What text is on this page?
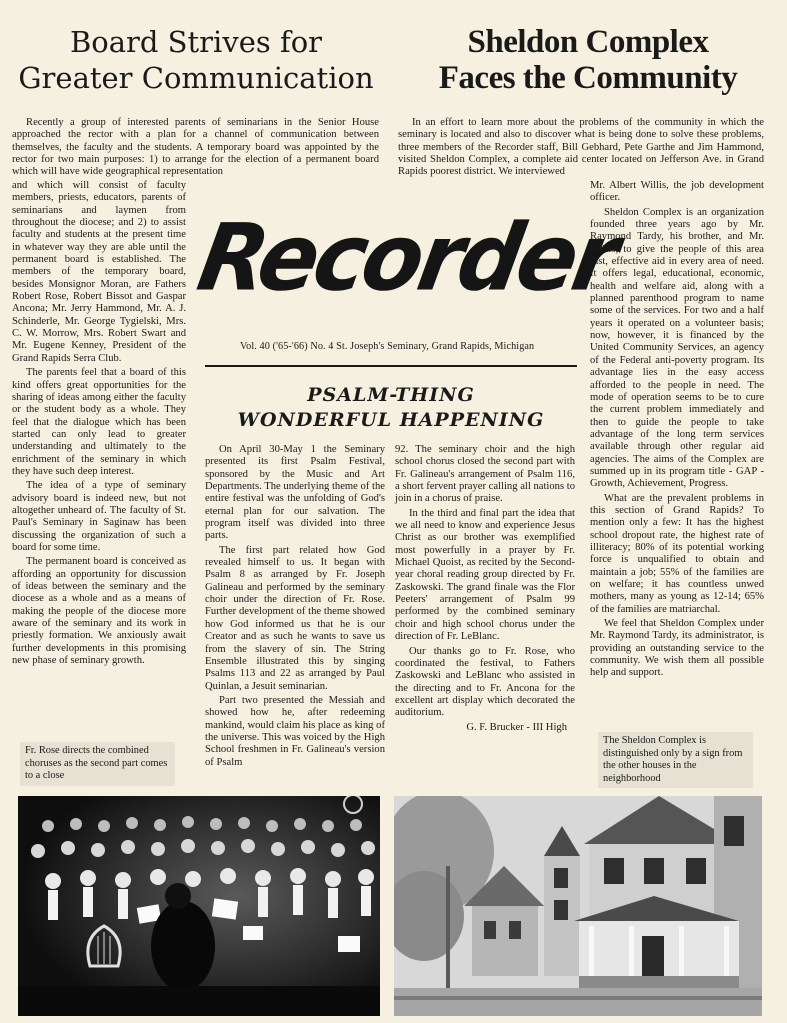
Board Strives for
Greater Communication
Sheldon Complex
Faces the Community

Recently a group of interested parents of seminarians in the Senior House approached the rector with a plan for a channel of communication between themselves, the faculty and the students. A temporary board was appointed by the rector for two main purposes: 1) to arrange for the election of a permanent board which will have wide geographical representation

In an effort to learn more about the problems of the community in which the seminary is located and also to discover what is being done to solve these problems, three members of the Recorder staff, Bill Gebhard, Pete Garthe and Jim Hammond, visited Sheldon Complex, a complete aid center located on Jefferson Ave. in Grand Rapids poorest district. We interviewed

and which will consist of faculty members, priests, educators, parents of seminarians and laymen from throughout the diocese; and 2) to assist faculty and students at the present time in whatever way they are able until the permanent board is established. The members of the temporary board, besides Monsignor Moran, are Fathers Robert Rose, Robert Bissot and Gaspar Ancona; Mr. Jerry Hammond, Mr. A. J. Schinderle, Mr. George Tygielski, Mrs. C. W. Morrow, Mrs. Robert Swart and Mr. Eugene Kenney, President of the Grand Rapids Serra Club.

The parents feel that a board of this kind offers great opportunities for the sharing of ideas among either the faculty or the student body as a whole. They feel that the dialogue which has been started can only lead to greater understanding and ultimately to the enrichment of the seminary in which they have such deep interest.

The idea of a type of seminary advisory board is indeed new, but not altogether unheard of. The faculty of St. Paul's Seminary in Saginaw has been discussing the organization of such a board for some time.

The permanent board is conceived as affording an opportunity for discussion of ideas between the seminary and the diocese as a whole and as a means of making the people of the diocese more aware of the seminary and its work in priestly formation. We anxiously await further developments in this promising new phase of seminary growth.

Fr. Rose directs the combined choruses as the second part comes to a close
Recorder
Vol. 40 ('65-'66) No. 4 St. Joseph's Seminary, Grand Rapids, Michigan
PSALM-THING
WONDERFUL HAPPENING

On April 30-May 1 the Seminary presented its first Psalm Festival, sponsored by the Music and Art Departments. The underlying theme of the entire festival was the unfolding of God's eternal plan for our salvation. The program itself was divided into three parts.

The first part related how God revealed himself to us. It began with Psalm 8 as arranged by Fr. Joseph Galineau and performed by the seminary choir under the direction of Fr. Rose. Further development of the theme showed how God informed us that he is our Creator and as such he wants to save us from the slavery of sin. The String Ensemble illustrated this by singing Psalms 113 and 22 as arranged by Paul Quinlan, a Jesuit seminarian.

Part two presented the Messiah and showed how he, after redeeming mankind, would claim his place as king of the universe. This was voiced by the High School freshmen in Fr. Galineau's version of Psalm

92. The seminary choir and the high school chorus closed the second part with Fr. Galineau's arrangement of Psalm 116, a short fervent prayer calling all nations to join in a chorus of praise.

In the third and final part the idea that we all need to know and experience Jesus Christ as our brother was exemplified most powerfully in a prayer by Fr. Michael Quoist, as recited by the Second-year choral reading group directed by Fr. Zaskowski. The grand finale was the Flor Peeters' arrangement of Psalm 99 performed by the combined seminary choir and high school chorus under the direction of Fr. LeBlanc.

Our thanks go to Fr. Rose, who coordinated the festival, to Fathers Zaskowski and LeBlanc who assisted in the directing and to Fr. Ancona for the excellent art display which decorated the auditorium.

G. F. Brucker - III High

Mr. Albert Willis, the job development officer.

Sheldon Complex is an organization founded three years ago by Mr. Raymond Tardy, his brother, and Mr. Willis, to give the people of this area fast, effective aid in every area of need. It offers legal, educational, economic, health and welfare aid, along with a planned parenthood program to name some of the services. For two and a half years it operated on a volunteer basis; now, however, it is financed by the United Community Services, an agency of the Federal anti-poverty program. Its advantage lies in the easy access afforded to the people in need. The mode of operation seems to be to cure the current problem immediately and then to guide the people to take advantage of the long term services available through other regular aid agencies. The aims of the Complex are summed up in its program title - GAP - Growth, Achievement, Progress.

What are the prevalent problems in this section of Grand Rapids? To mention only a few: It has the highest school dropout rate, the highest rate of illiteracy; 80% of its potential working force is unqualified to obtain and maintain a job; 55% of the families are on welfare; it has countless unwed mothers, many as young as 12-14; 65% of the families are matriarchal.

We feel that Sheldon Complex under Mr. Raymond Tardy, its administrator, is providing an outstanding service to the community. We wish them all possible help and support.

The Sheldon Complex is distinguished only by a sign from the other houses in the neighborhood
